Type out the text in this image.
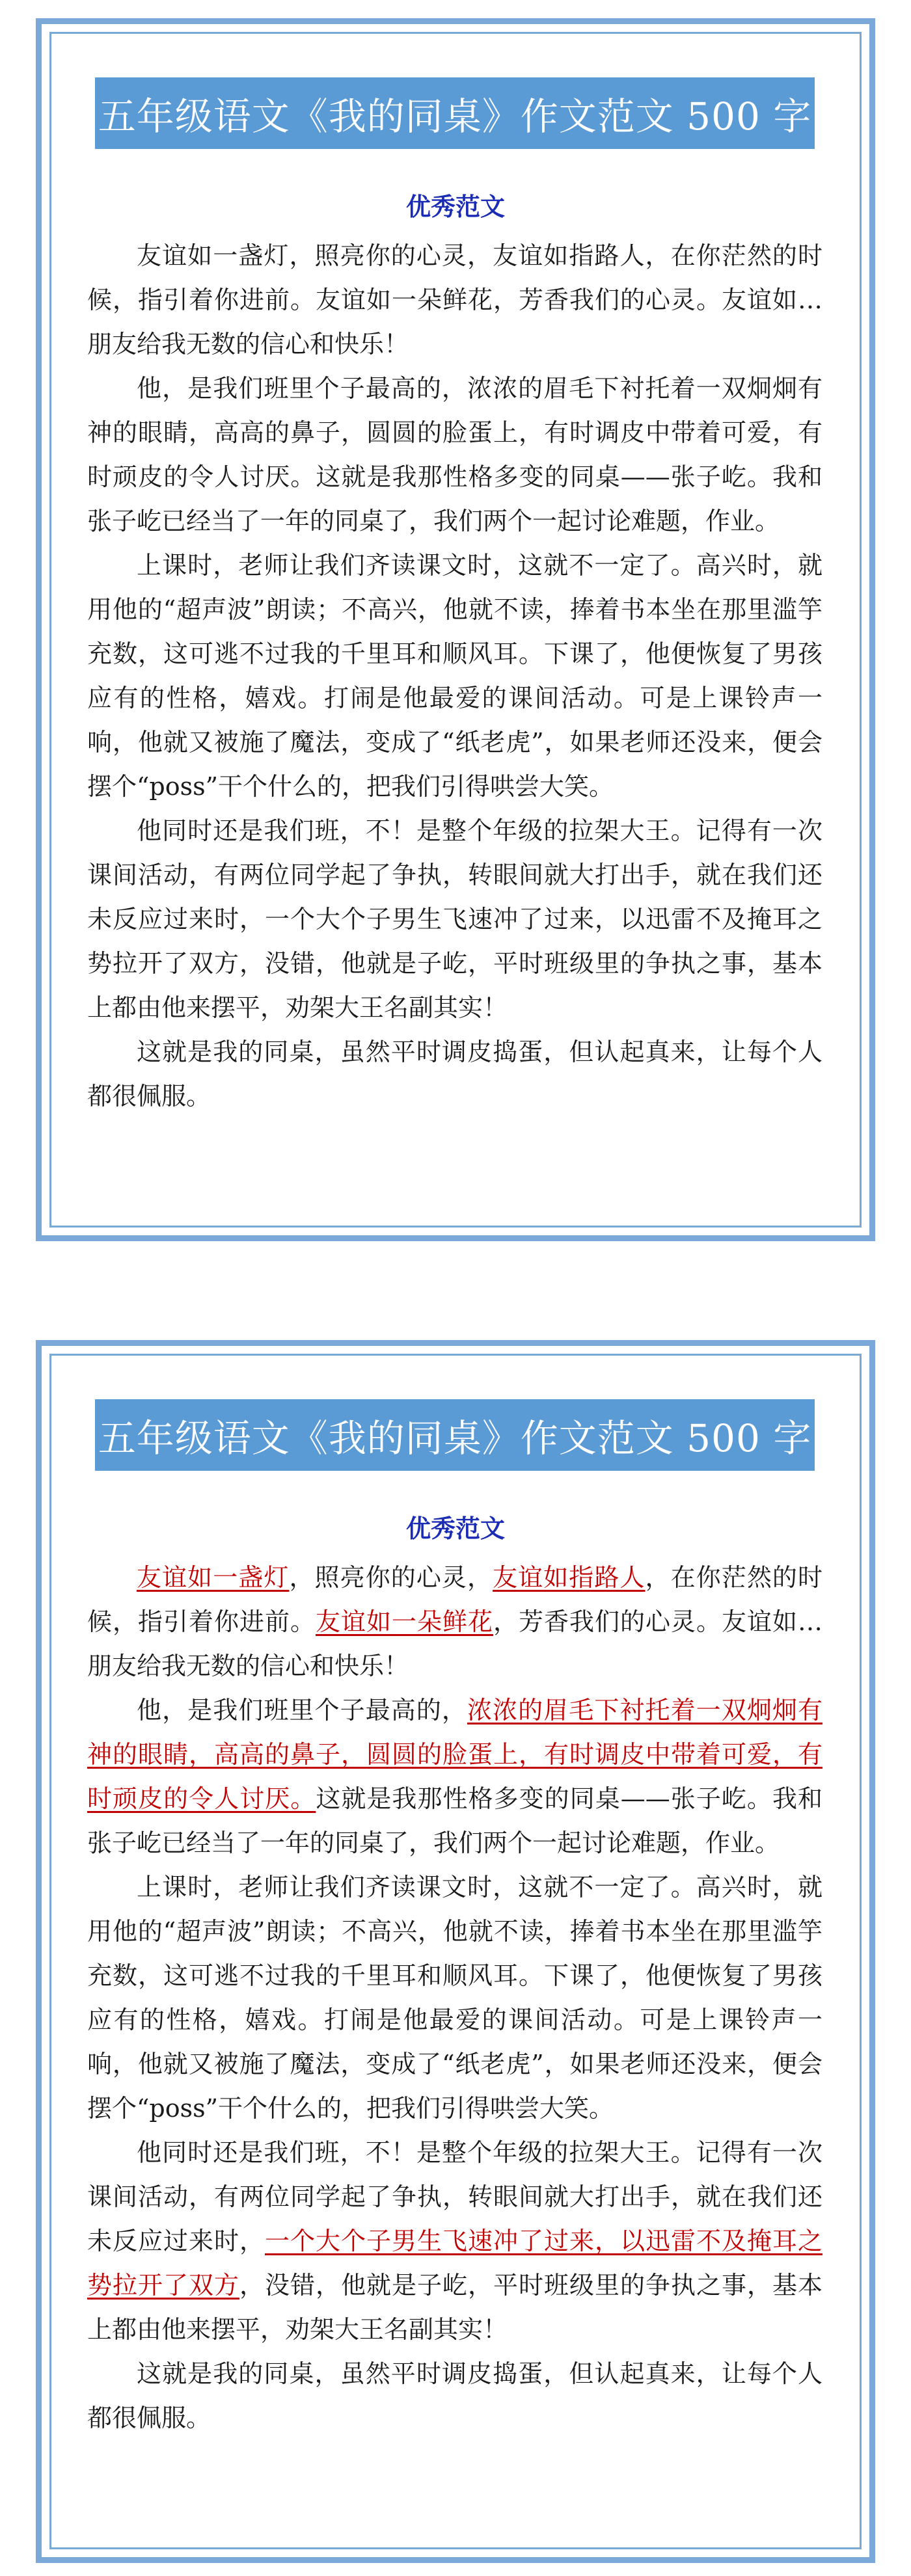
五年级语文《我的同桌》作文范文 500 字
优秀范文

友谊如一盏灯，照亮你的心灵，友谊如指路人，在你茫然的时候，指引着你进前。友谊如一朵鲜花，芳香我们的心灵。友谊如…朋友给我无数的信心和快乐！

他，是我们班里个子最高的，浓浓的眉毛下衬托着一双炯炯有神的眼睛，高高的鼻子，圆圆的脸蛋上，有时调皮中带着可爱，有时顽皮的令人讨厌。这就是我那性格多变的同桌——张子屹。我和张子屹已经当了一年的同桌了，我们两个一起讨论难题，作业。

上课时，老师让我们齐读课文时，这就不一定了。高兴时，就用他的“超声波”朗读；不高兴，他就不读，捧着书本坐在那里滥竽充数，这可逃不过我的千里耳和顺风耳。下课了，他便恢复了男孩应有的性格，嬉戏。打闹是他最爱的课间活动。可是上课铃声一响，他就又被施了魔法，变成了“纸老虎”，如果老师还没来，便会摆个“poss”干个什么的，把我们引得哄尝大笑。

他同时还是我们班，不！是整个年级的拉架大王。记得有一次课间活动，有两位同学起了争执，转眼间就大打出手，就在我们还未反应过来时，一个大个子男生飞速冲了过来，以迅雷不及掩耳之势拉开了双方，没错，他就是子屹，平时班级里的争执之事，基本上都由他来摆平，劝架大王名副其实！

这就是我的同桌，虽然平时调皮捣蛋，但认起真来，让每个人都很佩服。

五年级语文《我的同桌》作文范文 500 字
优秀范文

友谊如一盏灯，照亮你的心灵，友谊如指路人，在你茫然的时候，指引着你进前。友谊如一朵鲜花，芳香我们的心灵。友谊如…朋友给我无数的信心和快乐！

他，是我们班里个子最高的，浓浓的眉毛下衬托着一双炯炯有神的眼睛，高高的鼻子，圆圆的脸蛋上，有时调皮中带着可爱，有时顽皮的令人讨厌。这就是我那性格多变的同桌——张子屹。我和张子屹已经当了一年的同桌了，我们两个一起讨论难题，作业。

上课时，老师让我们齐读课文时，这就不一定了。高兴时，就用他的“超声波”朗读；不高兴，他就不读，捧着书本坐在那里滥竽充数，这可逃不过我的千里耳和顺风耳。下课了，他便恢复了男孩应有的性格，嬉戏。打闹是他最爱的课间活动。可是上课铃声一响，他就又被施了魔法，变成了“纸老虎”，如果老师还没来，便会摆个“poss”干个什么的，把我们引得哄尝大笑。

他同时还是我们班，不！是整个年级的拉架大王。记得有一次课间活动，有两位同学起了争执，转眼间就大打出手，就在我们还未反应过来时，一个大个子男生飞速冲了过来，以迅雷不及掩耳之势拉开了双方，没错，他就是子屹，平时班级里的争执之事，基本上都由他来摆平，劝架大王名副其实！

这就是我的同桌，虽然平时调皮捣蛋，但认起真来，让每个人都很佩服。
